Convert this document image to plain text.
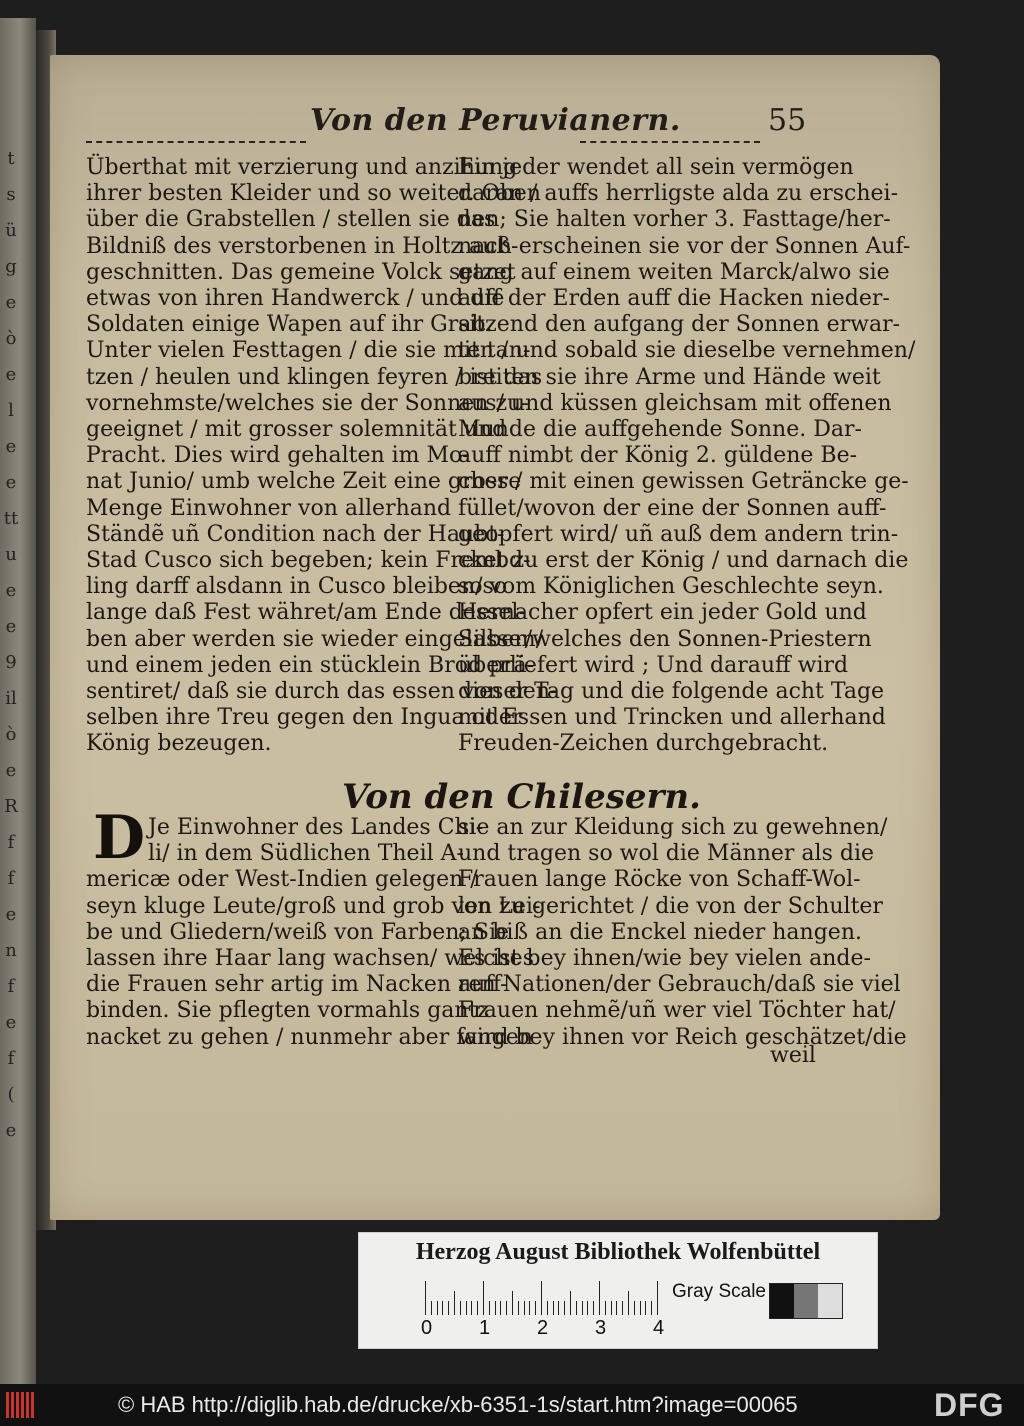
t
s
ü
g
e
ò
e
l
e
e
tt
u
e
e
9
il
ò
e
R
f
f
e
n
f
e
f
(
e
Von den Peruvianern.	55
Überthat mit verzierung und anzihung
ihrer besten Kleider und so weiter. Oben
über die Grabstellen / stellen sie das
Bildniß des verstorbenen in Holtz auß-
geschnitten. Das gemeine Volck setzet
etwas von ihren Handwerck / und die
Soldaten einige Wapen auf ihr Grab.
Unter vielen Festtagen / die sie mit tan-
tzen / heulen und klingen feyren / ist das
vornehmste/welches sie der Sonnen zu-
geeignet / mit grosser solemnität und
Pracht. Dies wird gehalten im Mo-
nat Junio/ umb welche Zeit eine grosse
Menge Einwohner von allerhand
Ständẽ uñ Condition nach der Haubt-
Stad Cusco sich begeben; kein Frembd-
ling darff alsdann in Cusco bleiben/so
lange daß Fest währet/am Ende dessel-
ben aber werden sie wieder eingelassen/
und einem jeden ein stücklein Brod prä-
sentiret/ daß sie durch das essen von den-
selben ihre Treu gegen den Ingua oder
König bezeugen.
Ein jeder wendet all sein vermögen
daran / auffs herrligste alda zu erschei-
nen; Sie halten vorher 3. Fasttage/her-
nach erscheinen sie vor der Sonnen Auf-
gang auf einem weiten Marck/alwo sie
auff der Erden auff die Hacken nieder-
sitzend den aufgang der Sonnen erwar-
ten / und sobald sie dieselbe vernehmen/
breiten sie ihre Arme und Hände weit
aus/ und küssen gleichsam mit offenen
Munde die auffgehende Sonne. Dar-
auff nimbt der König 2. güldene Be-
cher / mit einen gewissen Geträncke ge-
füllet/wovon der eine der Sonnen auff-
geopfert wird/ uñ auß dem andern trin-
cket zu erst der König / und darnach die
so vom Königlichen Geschlechte seyn.
Hernacher opfert ein jeder Gold und
Silber/welches den Sonnen-Priestern
überliefert wird ; Und darauff wird
dieser Tag und die folgende acht Tage
mit Essen und Trincken und allerhand
Freuden-Zeichen durchgebracht.
Von den Chilesern.
D Je Einwohner des Landes Chi-
li/ in dem Südlichen Theil A-
mericæ oder West-Indien gelegen /
seyn kluge Leute/groß und grob von Lei-
be und Gliedern/weiß von Farben; Sie
lassen ihre Haar lang wachsen/ welches
die Frauen sehr artig im Nacken auff-
binden. Sie pflegten vormahls gantz
nacket zu gehen / nunmehr aber fangen
sie an zur Kleidung sich zu gewehnen/
und tragen so wol die Männer als die
Frauen lange Röcke von Schaff-Wol-
len zu gerichtet / die von der Schulter
an biß an die Enckel nieder hangen.
Es ist bey ihnen/wie bey vielen ande-
ren Nationen/der Gebrauch/daß sie viel
Frauen nehmẽ/uñ wer viel Töchter hat/
wird bey ihnen vor Reich geschätzet/die
weil
Herzog August Bibliothek Wolfenbüttel
Gray Scale
0 1 2 3 4
© HAB http://diglib.hab.de/drucke/xb-6351-1s/start.htm?image=00065	DFG
